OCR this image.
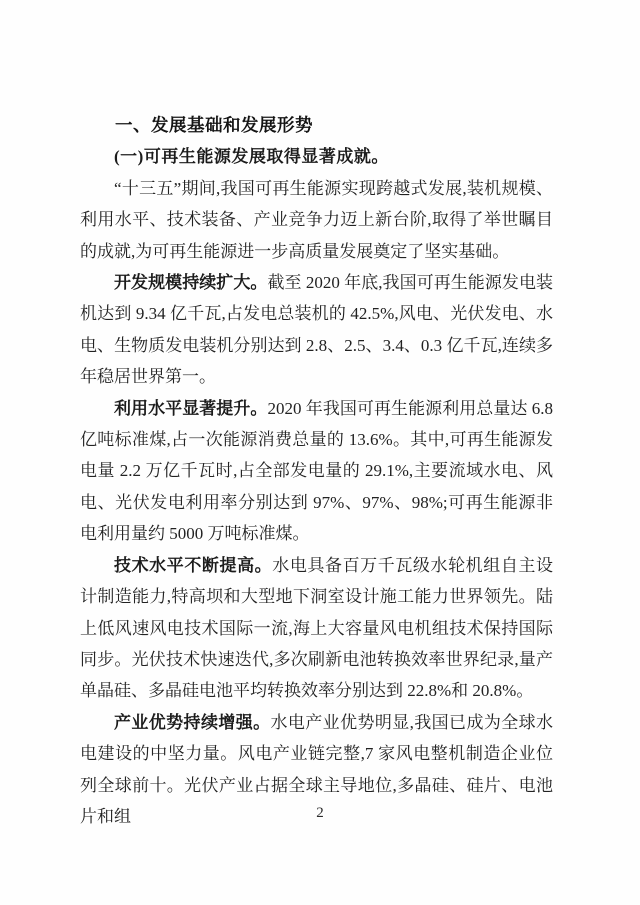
一、发展基础和发展形势
(一)可再生能源发展取得显著成就。

“十三五”期间,我国可再生能源实现跨越式发展,装机规模、利用水平、技术装备、产业竞争力迈上新台阶,取得了举世瞩目的成就,为可再生能源进一步高质量发展奠定了坚实基础。

开发规模持续扩大。截至 2020 年底,我国可再生能源发电装机达到 9.34 亿千瓦,占发电总装机的 42.5%,风电、光伏发电、水电、生物质发电装机分别达到 2.8、2.5、3.4、0.3 亿千瓦,连续多年稳居世界第一。

利用水平显著提升。2020 年我国可再生能源利用总量达 6.8 亿吨标准煤,占一次能源消费总量的 13.6%。其中,可再生能源发电量 2.2 万亿千瓦时,占全部发电量的 29.1%,主要流域水电、风电、光伏发电利用率分别达到 97%、97%、98%;可再生能源非电利用量约 5000 万吨标准煤。

技术水平不断提高。水电具备百万千瓦级水轮机组自主设计制造能力,特高坝和大型地下洞室设计施工能力世界领先。陆上低风速风电技术国际一流,海上大容量风电机组技术保持国际同步。光伏技术快速迭代,多次刷新电池转换效率世界纪录,量产单晶硅、多晶硅电池平均转换效率分别达到 22.8%和 20.8%。

产业优势持续增强。水电产业优势明显,我国已成为全球水电建设的中坚力量。风电产业链完整,7 家风电整机制造企业位列全球前十。光伏产业占据全球主导地位,多晶硅、硅片、电池片和组	2
